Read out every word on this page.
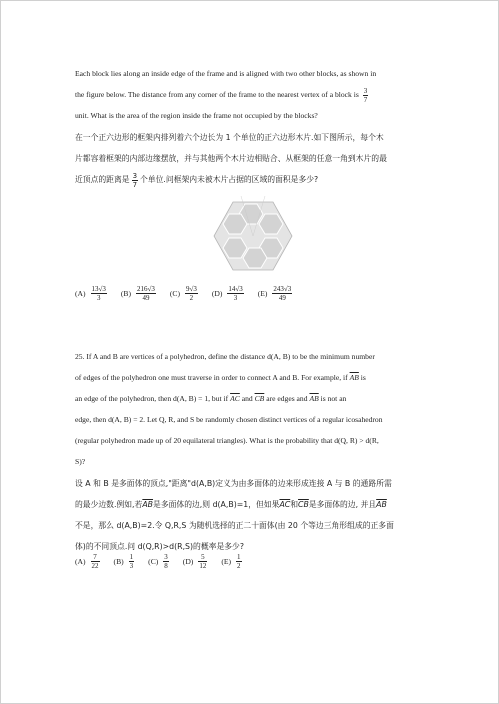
Each block lies along an inside edge of the frame and is aligned with two other blocks, as shown in
the figure below. The distance from any corner of the frame to the nearest vertex of a block is $\frac{3}{7}$
unit. What is the area of the region inside the frame not occupied by the blocks?
在一个正六边形的框架内排列着六个边长为 1 个单位的正六边形木片.如下图所示，每个木
片都容着框架的内部边缘摆放，并与其他两个木片边相贴合、从框架的任意一角到木片的最
近顶点的距离是 $\frac{3}{7}$ 个单位.问框架内未被木片占据的区域的面积是多少?
$(A) \frac{13√3}{3} (B) \frac{216√3}{49} (C) \frac{9√3}{2} (D) \frac{14√3}{3} (E) \frac{243√3}{49}$
25. If A and B are vertices of a polyhedron, define the distance d(A, B) to be the minimum number
of edges of the polyhedron one must traverse in order to connect A and B. For example, if $\overline{AB}$ is
an edge of the polyhedron, then d(A, B) = 1, but if $\overline{AC}$ and $\overline{CB}$ are edges and $\overline{AB}$ is not an
edge, then d(A, B) = 2. Let Q, R, and S be randomly chosen distinct vertices of a regular icosahedron
(regular polyhedron made up of 20 equilateral triangles). What is the probability that d(Q, R) > d(R,
S)?
设 A 和 B 是多面体的顶点,"距离"d(A,B)定义为由多面体的边来形成连接 A 与 B 的通路所需
的最少边数.例如,若$\overline{AB}$是多面体的边,则 d(A,B)=1，但如果$\overline{AC}$和$\overline{CB}$是多面体的边, 并且$\overline{AB}$
不是，那么 d(A,B)=2.令 Q,R,S 为随机选择的正二十面体(由 20 个等边三角形组成的正多面
体)的不同顶点.问 d(Q,R)>d(R,S)的概率是多少?
$(A) \frac{7}{22} (B) \frac{1}{3} (C) \frac{3}{8} (D) \frac{5}{12} (E) \frac{1}{2}$
